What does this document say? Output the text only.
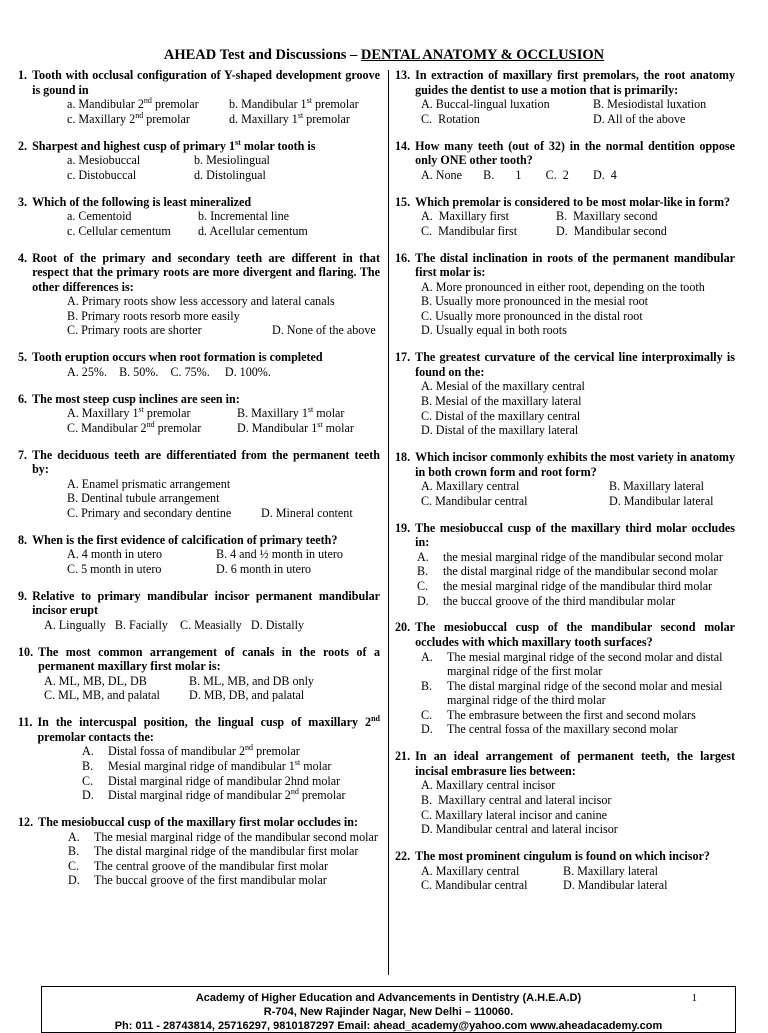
AHEAD Test and Discussions – DENTAL ANATOMY & OCCLUSION
1. Tooth with occlusal configuration of Y-shaped development groove is gound in
a. Mandibular 2nd premolar	b. Mandibular 1st premolar
c. Maxillary 2nd premolar	d. Maxillary 1st premolar
2. Sharpest and highest cusp of primary 1st molar tooth is
a. Mesiobuccal	b. Mesiolingual
c. Distobuccal	d. Distolingual
3. Which of the following is least mineralized
a. Cementoid	b. Incremental line
c. Cellular cementum	d. Acellular cementum
4. Root of the primary and secondary teeth are different in that respect that the primary roots are more divergent and flaring. The other differences is:
A. Primary roots show less accessory and lateral canals
B. Primary roots resorb more easily
C. Primary roots are shorter	D. None of the above
5. Tooth eruption occurs when root formation is completed
A. 25%.    B. 50%.    C. 75%.     D. 100%.
6. The most steep cusp inclines are seen in:
A. Maxillary 1st premolar	B. Maxillary 1st molar
C. Mandibular 2nd premolar	D. Mandibular 1st molar
7. The deciduous teeth are differentiated from the permanent teeth by:
A. Enamel prismatic arrangement
B. Dentinal tubule arrangement
C. Primary and secondary dentine	D. Mineral content
8. When is the first evidence of calcification of primary teeth?
A. 4 month in utero	B. 4 and ½ month in utero
C. 5 month in utero	D. 6 month in utero
9. Relative to primary mandibular incisor permanent mandibular incisor erupt
A. Lingually   B. Facially    C. Measially   D. Distally
10. The most common arrangement of canals in the roots of a permanent maxillary first molar is:
A. ML, MB, DL, DB	B. ML, MB, and DB only
C. ML, MB, and palatal	D. MB, DB, and palatal
11. In the intercuspal position, the lingual cusp of maxillary 2nd premolar contacts the:
A.	Distal fossa of mandibular 2nd premolar
B.	Mesial marginal ridge of mandibular 1st molar
C.	Distal marginal ridge of mandibular 2hnd molar
D.	Distal marginal ridge of mandibular 2nd premolar
12. The mesiobuccal cusp of the maxillary first molar occludes in:
A.	The mesial marginal ridge of the mandibular second molar
B.	The distal marginal ridge of the mandibular first molar
C.	The central groove of the mandibular first molar
D.	The buccal groove of the first mandibular molar
13. In extraction of maxillary first premolars, the root anatomy guides the dentist to use a motion that is primarily:
A. Buccal-lingual luxation	B. Mesiodistal luxation
C.  Rotation	D. All of the above
14. How many teeth (out of 32) in the normal dentition oppose only ONE other tooth?
A. None       B.       1        C.  2        D.  4
15. Which premolar is considered to be most molar-like in form?
A.  Maxillary first	B.  Maxillary second
C.  Mandibular first	D.  Mandibular second
16. The distal inclination in roots of the permanent mandibular first molar is:
A. More pronounced in either root, depending on the tooth
B. Usually more pronounced in the mesial root
C. Usually more pronounced in the distal root
D. Usually equal in both roots
17. The greatest curvature of the cervical line interproximally is found on the:
A. Mesial of the maxillary central
B. Mesial of the maxillary lateral
C. Distal of the maxillary central
D. Distal of the maxillary lateral
18. Which incisor commonly exhibits the most variety in anatomy in both crown form and root form?
A. Maxillary central	B. Maxillary lateral
C. Mandibular central	D. Mandibular lateral
19. The mesiobuccal cusp of the maxillary third molar occludes in:
A.	the mesial marginal ridge of the mandibular second molar
B.	the distal marginal ridge of the mandibular second molar
C.	the mesial marginal ridge of the mandibular third molar
D.	the buccal groove of the third mandibular molar
20. The mesiobuccal cusp of the mandibular second molar occludes with which maxillary tooth surfaces?
A.	The mesial marginal ridge of the second molar and distal marginal ridge of the first molar
B.	The distal marginal ridge of the second molar and mesial marginal ridge of the third molar
C.	The embrasure between the first and second molars
D.	The central fossa of the maxillary second molar
21. In an ideal arrangement of permanent teeth, the largest incisal embrasure lies between:
A. Maxillary central incisor
B.  Maxillary central and lateral incisor
C. Maxillary lateral incisor and canine
D. Mandibular central and lateral incisor
22. The most prominent cingulum is found on which incisor?
A. Maxillary central	B. Maxillary lateral
C. Mandibular central	D. Mandibular lateral
Academy of Higher Education and Advancements in Dentistry (A.H.E.A.D)
R-704, New Rajinder Nagar, New Delhi – 110060.
Ph: 011 - 28743814, 25716297, 9810187297 Email: ahead_academy@yahoo.com www.aheadacademy.com
1
